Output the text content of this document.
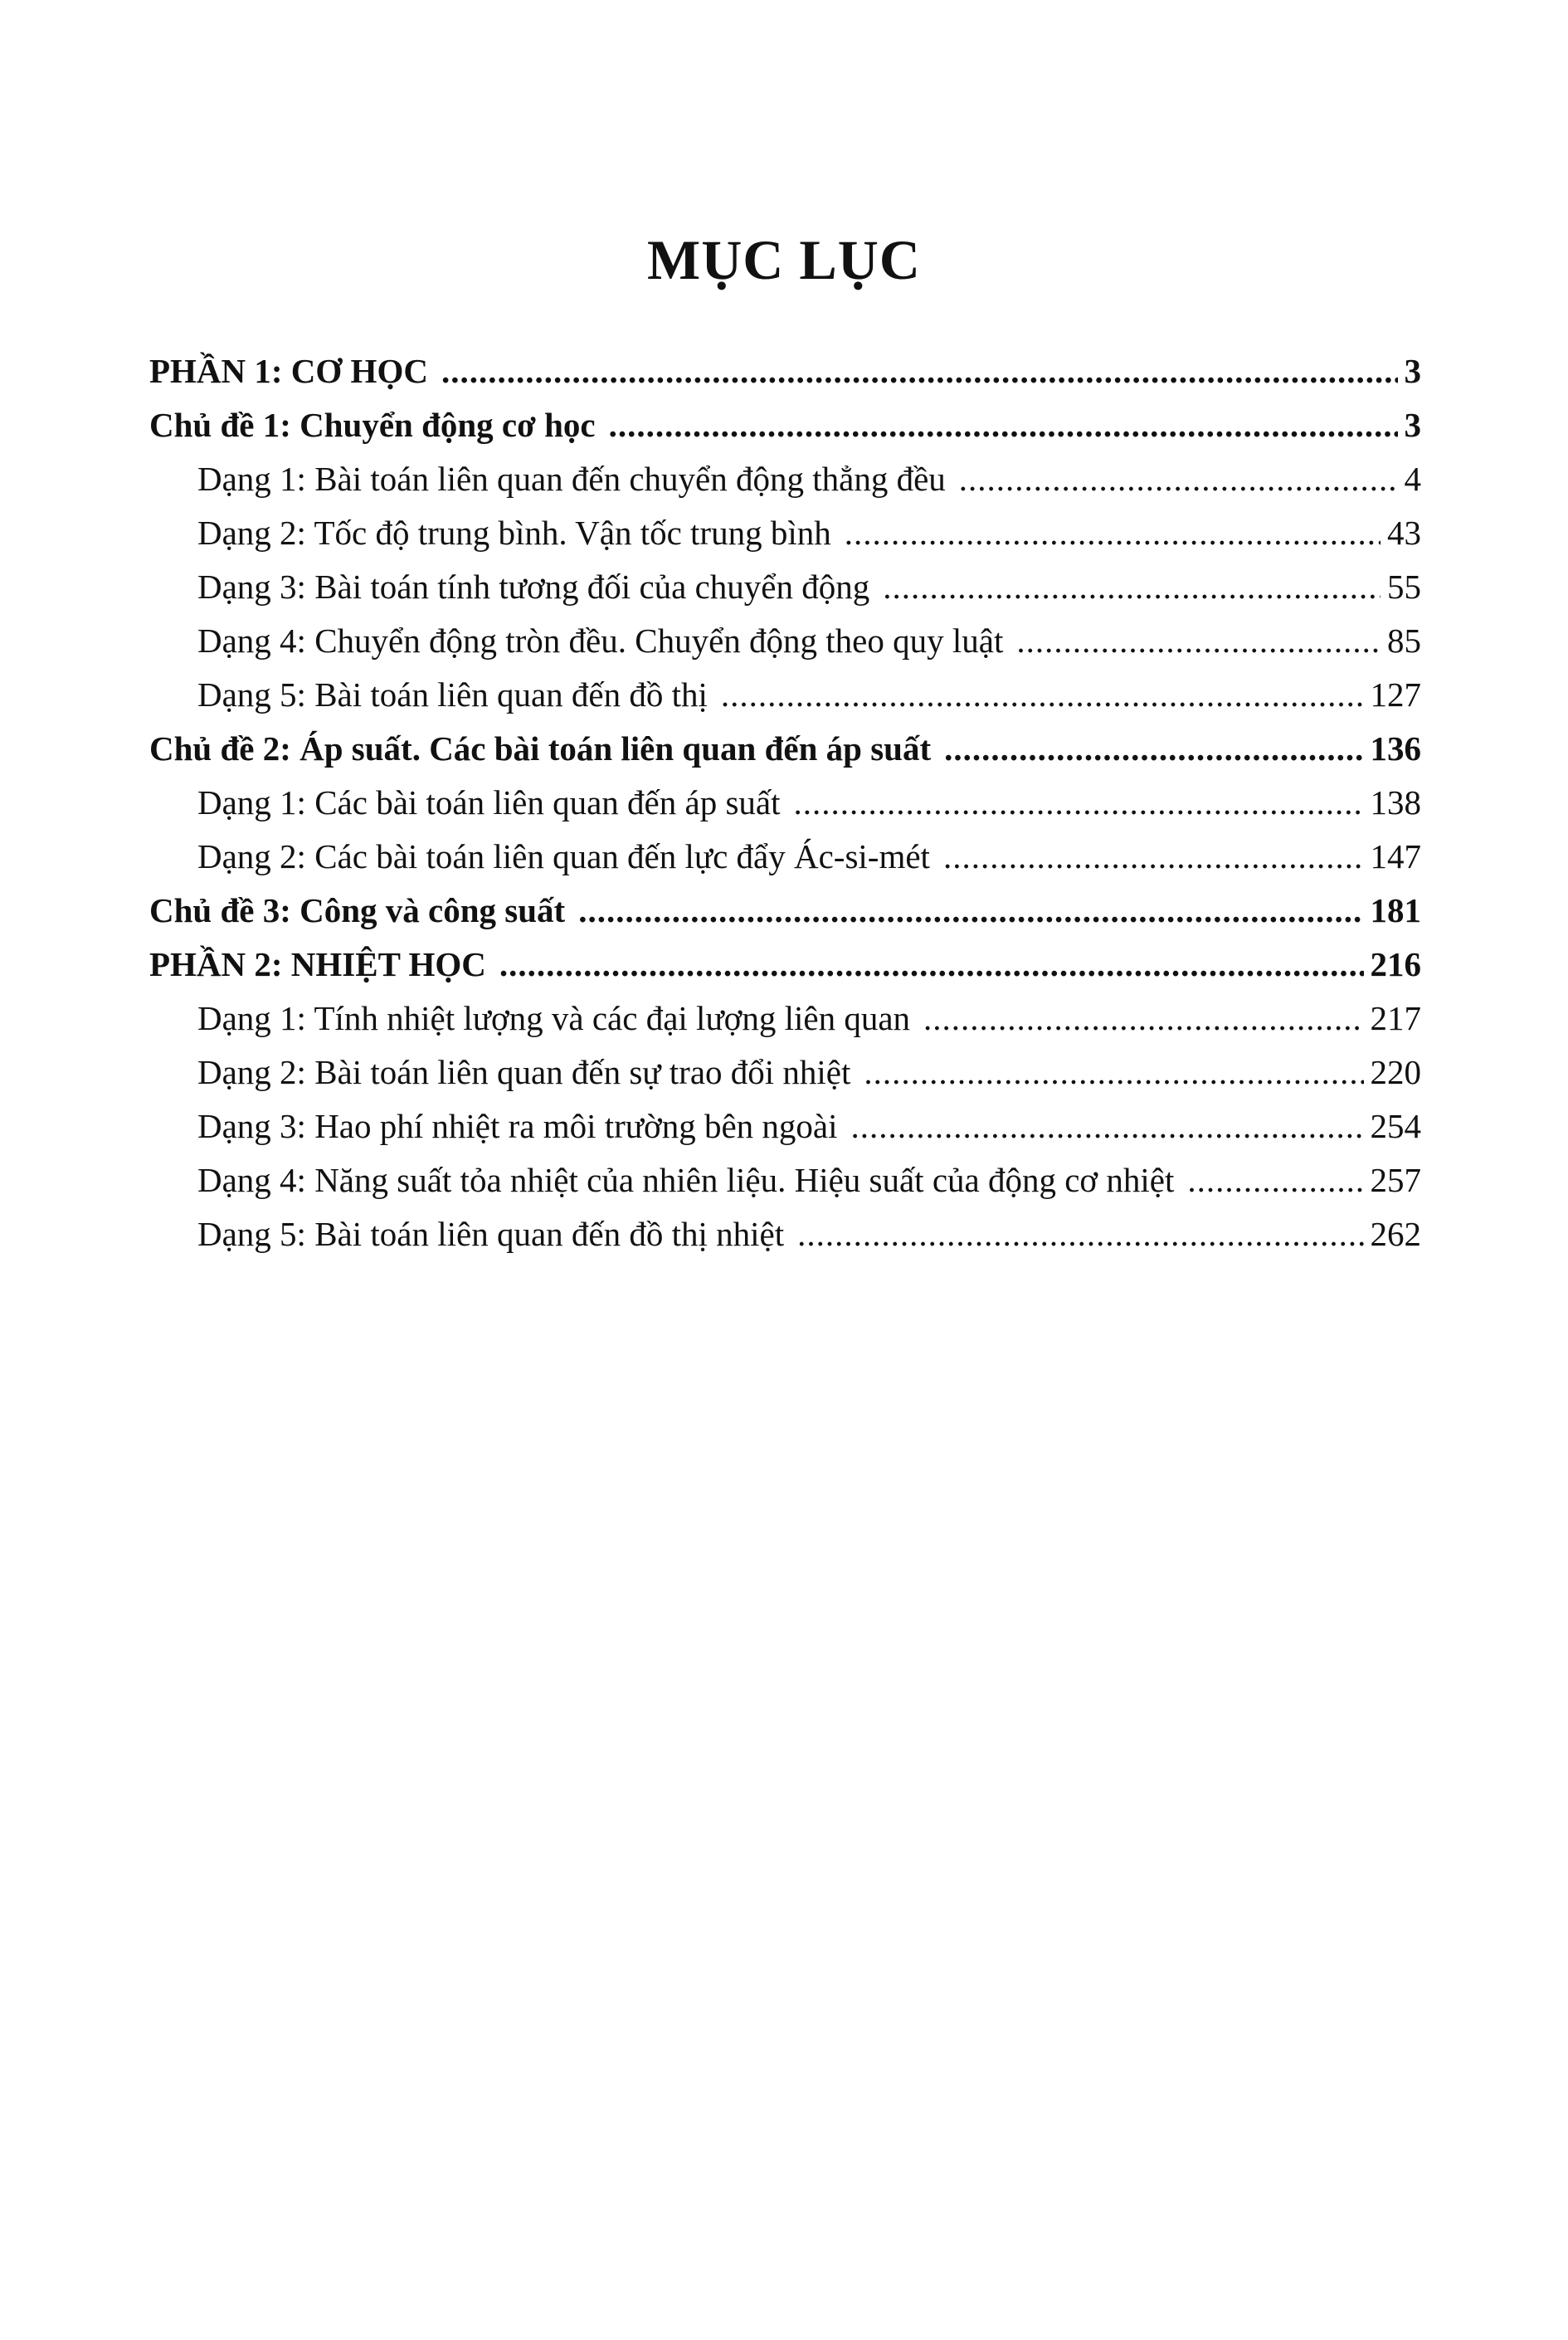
MỤC LỤC
PHẦN 1: CƠ HỌC .....	3
Chủ đề 1: Chuyển động cơ học .....	3
Dạng 1: Bài toán liên quan đến chuyển động thẳng đều .....	4
Dạng 2: Tốc độ trung bình. Vận tốc trung bình .....	43
Dạng 3: Bài toán tính tương đối của chuyển động .....	55
Dạng 4: Chuyển động tròn đều. Chuyển động theo quy luật .....	85
Dạng 5: Bài toán liên quan đến đồ thị .....	127
Chủ đề 2: Áp suất. Các bài toán liên quan đến áp suất .....	136
Dạng 1: Các bài toán liên quan đến áp suất .....	138
Dạng 2: Các bài toán liên quan đến lực đẩy Ác-si-mét .....	147
Chủ đề 3: Công và công suất .....	181
PHẦN 2: NHIỆT HỌC .....	216
Dạng 1: Tính nhiệt lượng và các đại lượng liên quan .....	217
Dạng 2: Bài toán liên quan đến sự trao đổi nhiệt .....	220
Dạng 3: Hao phí nhiệt ra môi trường bên ngoài .....	254
Dạng 4: Năng suất tỏa nhiệt của nhiên liệu. Hiệu suất của động cơ nhiệt .....	257
Dạng 5: Bài toán liên quan đến đồ thị nhiệt .....	262
